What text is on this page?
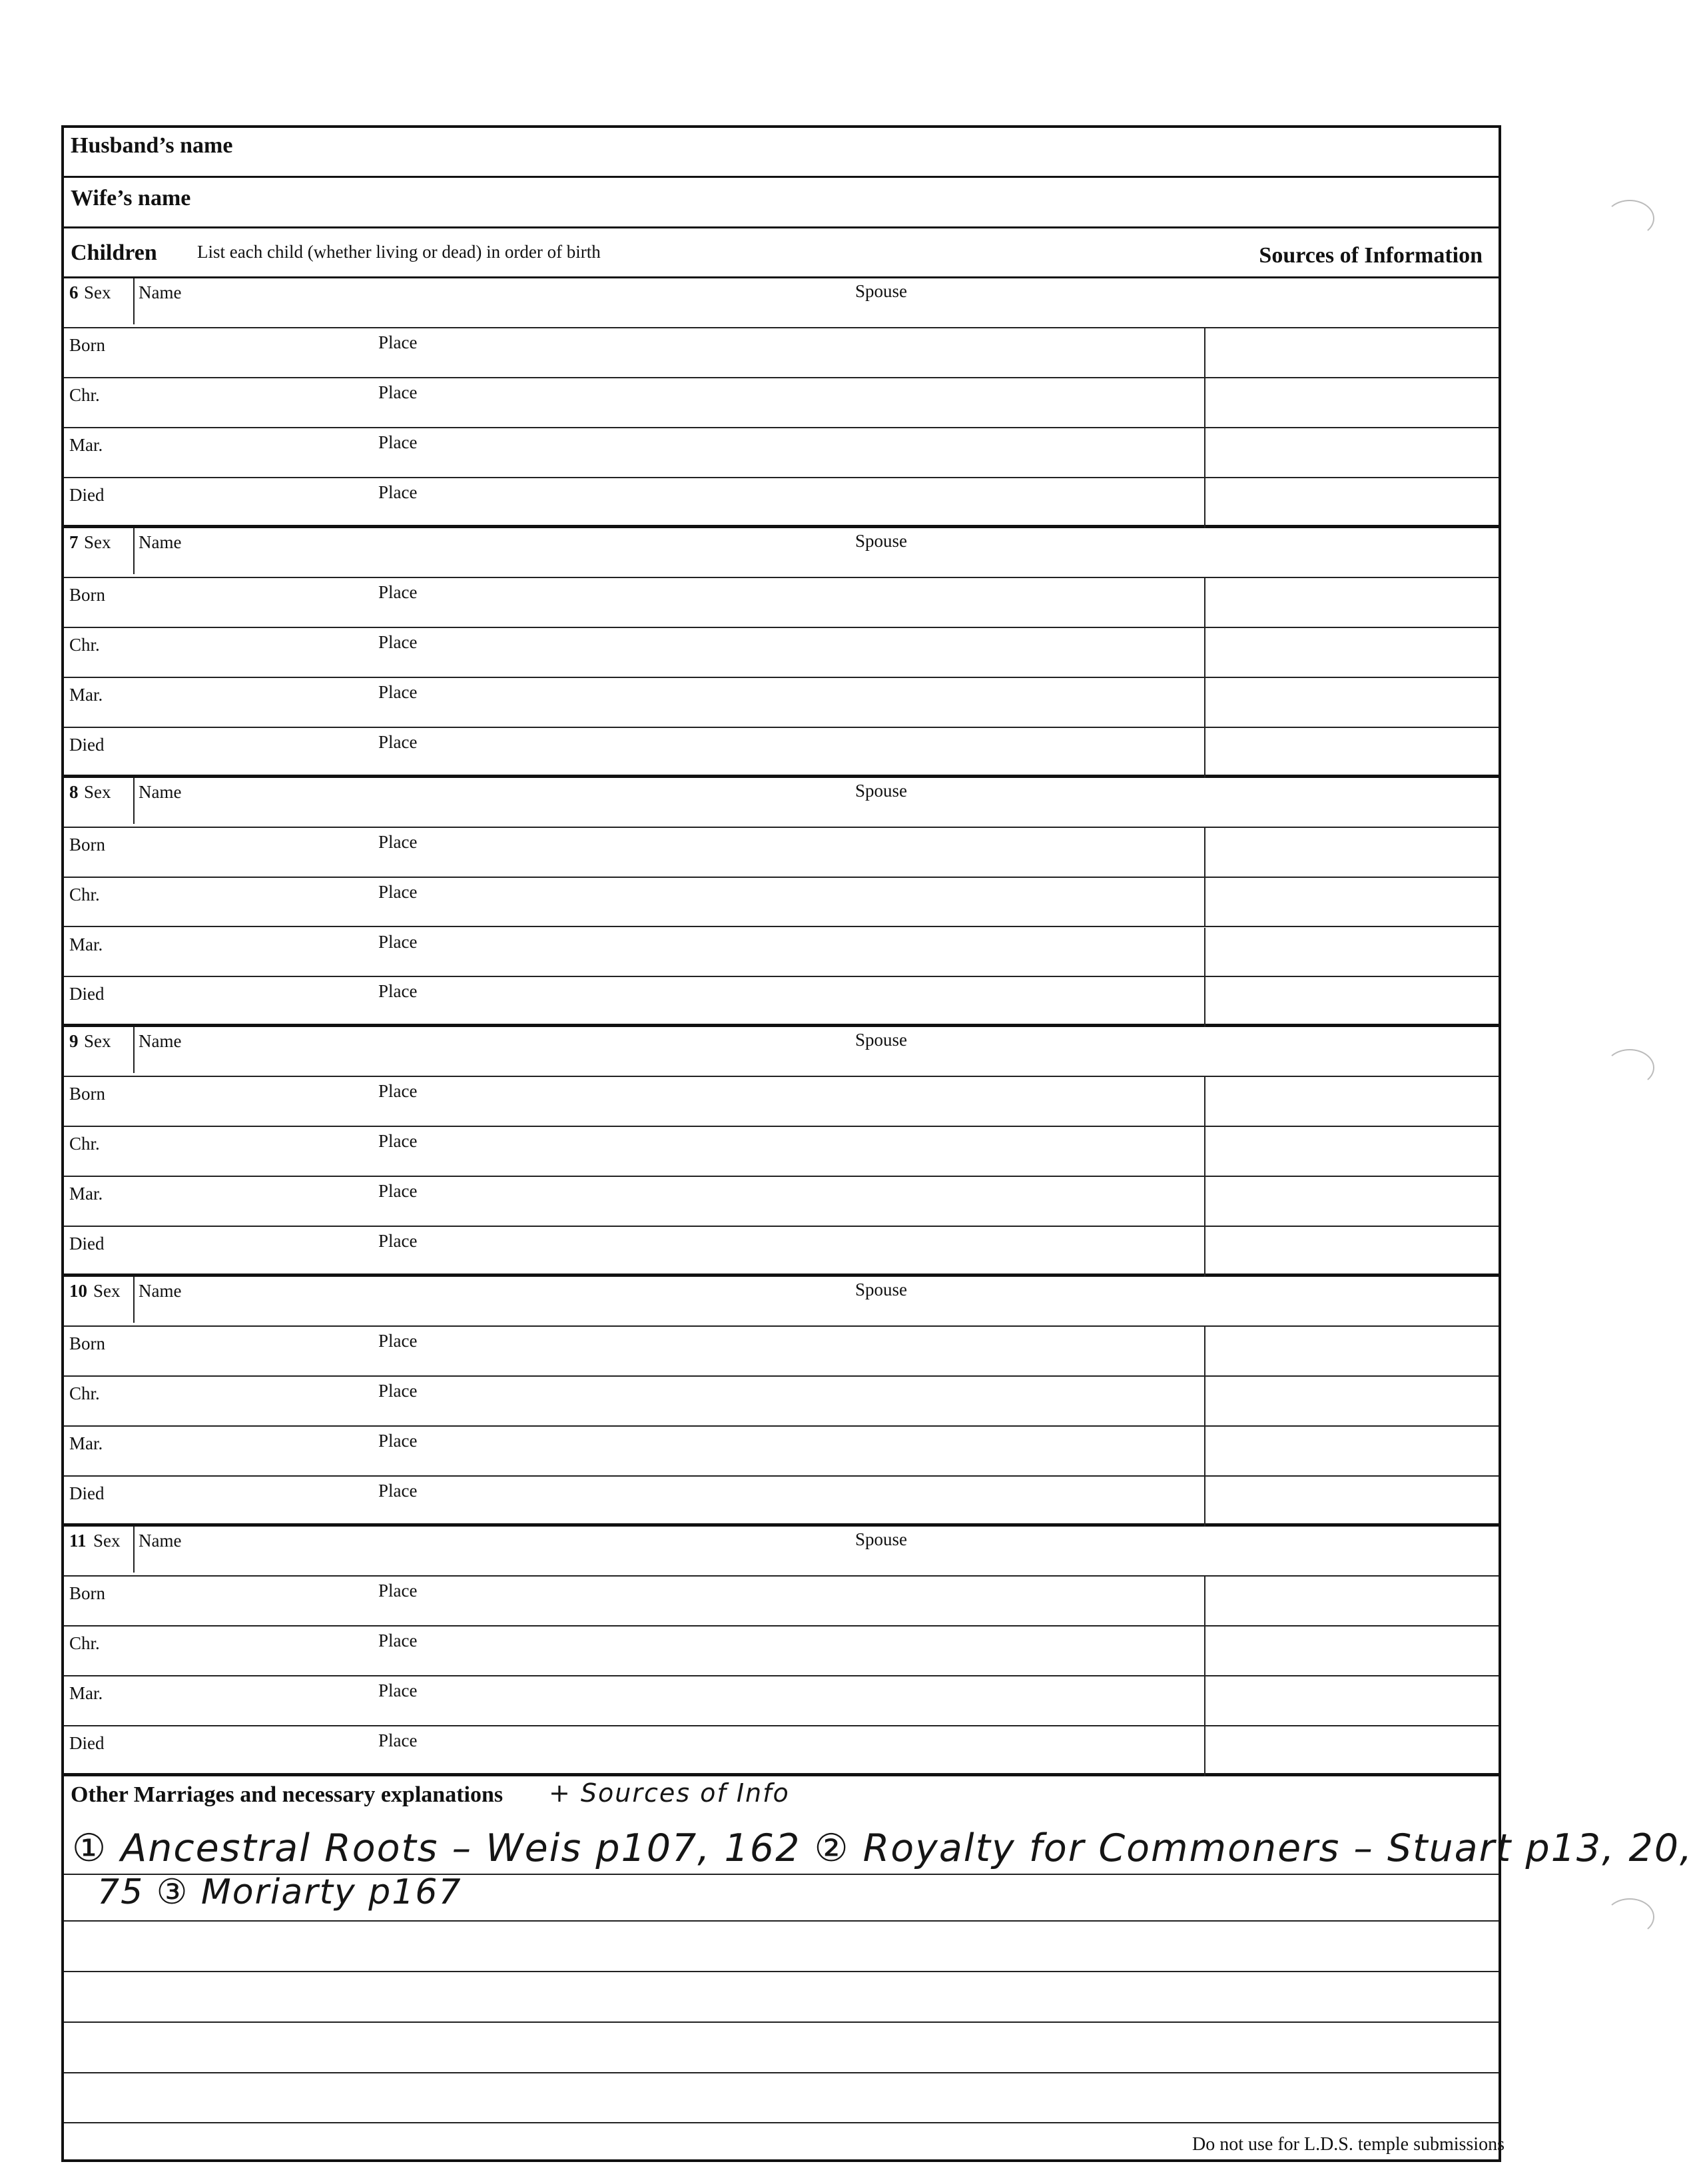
Husband’s name
Wife’s name
Children List each child (whether living or dead) in order of birth	Sources of Information
6 Sex Name	Spouse
Born	Place
Chr.	Place
Mar.	Place
Died	Place
7 Sex Name	Spouse
Born	Place
Chr.	Place
Mar.	Place
Died	Place
8 Sex Name	Spouse
Born	Place
Chr.	Place
Mar.	Place
Died	Place
9 Sex Name	Spouse
Born	Place
Chr.	Place
Mar.	Place
Died	Place
10 Sex Name	Spouse
Born	Place
Chr.	Place
Mar.	Place
Died	Place
11 Sex Name	Spouse
Born	Place
Chr.	Place
Mar.	Place
Died	Place
Other Marriages and necessary explanations + Sources of Info
① Ancestral Roots – Weis p107, 162 ② Royalty for Commoners – Stuart p13, 20,
75 ③ Moriarty p167
Do not use for L.D.S. temple submissions
